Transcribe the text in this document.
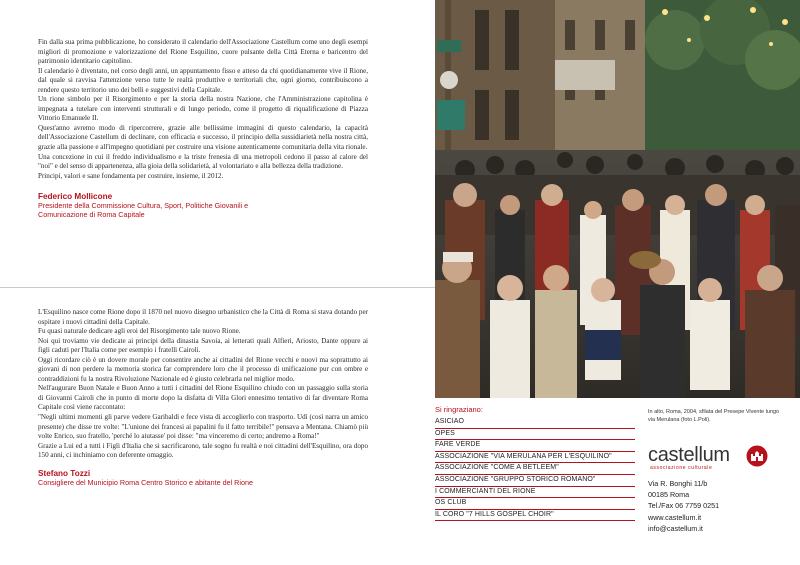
Fin dalla sua prima pubblicazione, ho considerato il calendario dell'Associazione Castellum come uno degli esempi migliori di promozione e valorizzazione del Rione Esquilino, cuore pulsante della Città Eterna e baricentro del patrimonio identitario capitolino.

Il calendario è diventato, nel corso degli anni, un appuntamento fisso e atteso da chi quotidianamente vive il Rione, dal quale si ravvisa l'attenzione verso tutte le realtà produttive e territoriali che, ogni giorno, contribuiscono a rendere questo territorio uno dei belli e suggestivi della Capitale.

Un rione simbolo per il Risorgimento e per la storia della nostra Nazione, che l'Amministrazione capitolina è impegnata a tutelare con interventi strutturali e di lungo periodo, come il progetto di riqualificazione di Piazza Vittorio Emanuele II.

Quest'anno avremo modo di ripercorrere, grazie alle bellissime immagini di questo calendario, la capacità dell'Associazione Castellum di declinare, con efficacia e successo, il principio della sussidiarietà nella nostra città, grazie alla passione e all'impegno quotidiani per costruire una visione autenticamente comunitaria della vita rionale.

Una concezione in cui il freddo individualismo e la triste frenesia di una metropoli cedono il passo al calore del "noi" e del senso di appartenenza, alla gioia della solidarietà, al volontariato e alla bellezza della tradizione.

Principi, valori e sane fondamenta per costruire, insieme, il 2012.

Federico Mollicone

Presidente della Commissione Cultura, Sport, Politiche Giovanili e Comunicazione di Roma Capitale

L'Esquilino nasce come Rione dopo il 1870 nel nuovo disegno urbanistico che la Città di Roma si stava dotando per ospitare i nuovi cittadini della Capitale.

Fu quasi naturale dedicare agli eroi del Risorgimento tale nuovo Rione.

Noi qui troviamo vie dedicate ai principi della dinastia Savoia, ai letterati quali Alfieri, Ariosto, Dante oppure ai figli caduti per l'Italia come per esempio i fratelli Cairoli.

Oggi ricordare ciò è un dovere morale per consentire anche ai cittadini del Rione vecchi e nuovi ma soprattutto ai giovani di non perdere la memoria storica far comprendere loro che il processo di unificazione pur con ombre e contraddizioni fu la nostra Rivoluzione Nazionale ed è giusto celebrarla nel miglior modo.

Nell'augurare Buon Natale e Buon Anno a tutti i cittadini del Rione Esquilino chiudo con un passaggio sulla storia di Giovanni Cairoli che in punto di morte dopo la disfatta di Villa Glori ennesimo tentativo di far diventare Roma Capitale così viene raccontato:

"Negli ultimi momenti gli parve vedere Garibaldi e fece vista di accoglierlo con trasporto. Udì (così narra un amico presente) che disse tre volte: "L'unione dei francesi ai papalini fu il fatto terribile!" pensava a Mentana. Chiamò più volte Enrico, suo fratello, 'perché lo aiutasse' poi disse: "ma vinceremo di certo; andremo a Roma!"

Grazie a Lui ed a tutti i Figli d'Italia che si sacrificarono, tale sogno fu realtà e noi cittadini dell'Esquilino, ora dopo 150 anni, ci inchiniamo con deferente omaggio.

Stefano Tozzi

Consigliere del Municipio Roma Centro Storico e abitante del Rione

In alto, Roma, 2004, sfilata del Presepe Vivente lungo via Merulana (foto L.Poli).

Si ringraziano:

ASICIAO
OPES
FARE VERDE
ASSOCIAZIONE "VIA MERULANA PER L'ESQUILINO"
ASSOCIAZIONE "COME A BETLEEM"
ASSOCIAZIONE "GRUPPO STORICO ROMANO"
I COMMERCIANTI DEL RIONE
OS CLUB
IL CORO "7 HILLS GOSPEL CHOIR"
castellum
associazione culturale
Via R. Bonghi 11/b
00185 Roma
Tel./Fax 06 7759 0251
www.castellum.it
info@castellum.it
